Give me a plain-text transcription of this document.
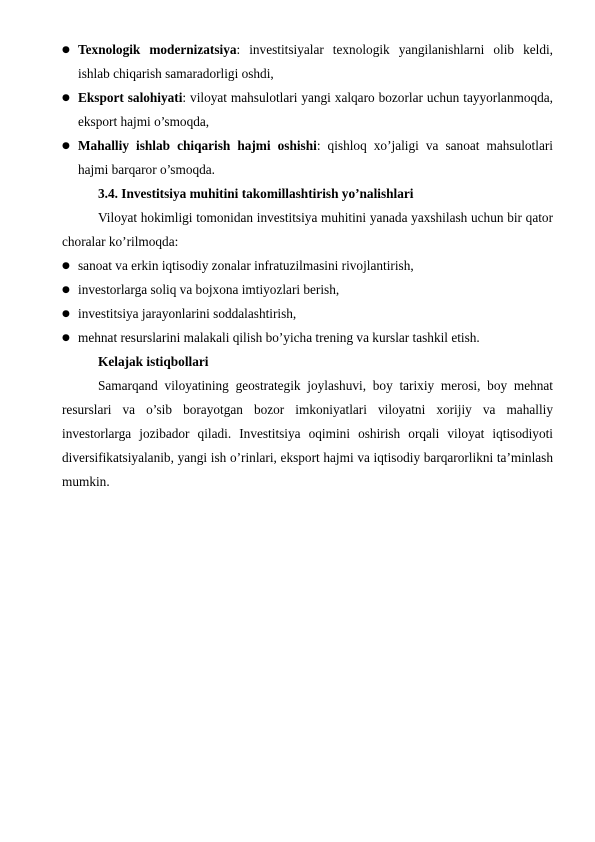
● Texnologik modernizatsiya: investitsiyalar texnologik yangilanishlarni olib keldi, ishlab chiqarish samaradorligi oshdi,
● Eksport salohiyati: viloyat mahsulotlari yangi xalqaro bozorlar uchun tayyorlanmoqda, eksport hajmi o’smoqda,
● Mahalliy ishlab chiqarish hajmi oshishi: qishloq xo’jaligi va sanoat mahsulotlari hajmi barqaror o’smoqda.
3.4. Investitsiya muhitini takomillashtirish yo’nalishlari
Viloyat hokimligi tomonidan investitsiya muhitini yanada yaxshilash uchun bir qator choralar ko’rilmoqda:
● sanoat va erkin iqtisodiy zonalar infratuzilmasini rivojlantirish,
● investorlarga soliq va bojxona imtiyozlari berish,
● investitsiya jarayonlarini soddalashtirish,
● mehnat resurslarini malakali qilish bo’yicha trening va kurslar tashkil etish.
Kelajak istiqbollari
Samarqand viloyatining geostrategik joylashuvi, boy tarixiy merosi, boy mehnat resurslari va o’sib borayotgan bozor imkoniyatlari viloyatni xorijiy va mahalliy investorlarga jozibador qiladi. Investitsiya oqimini oshirish orqali viloyat iqtisodiyoti diversifikatsiyalanib, yangi ish o’rinlari, eksport hajmi va iqtisodiy barqarorlikni ta’minlash mumkin.
